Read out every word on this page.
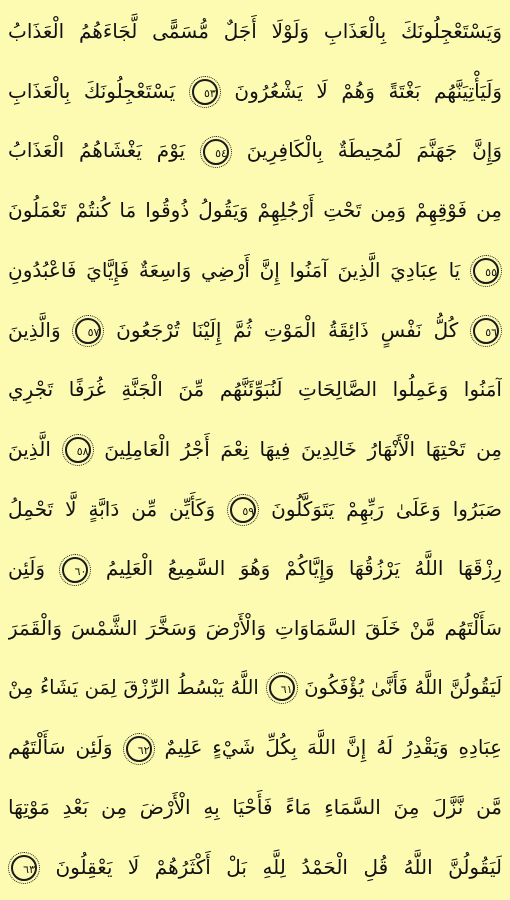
وَيَسْتَعْجِلُونَكَ بِالْعَذَابِ وَلَوْلَا أَجَلٌ مُّسَمًّى لَّجَاءَهُمُ الْعَذَابُ
وَلَيَأْتِيَنَّهُم بَغْتَةً وَهُمْ لَا يَشْعُرُونَ ٥٣ يَسْتَعْجِلُونَكَ بِالْعَذَابِ
وَإِنَّ جَهَنَّمَ لَمُحِيطَةٌ بِالْكَافِرِينَ ٥٤ يَوْمَ يَغْشَاهُمُ الْعَذَابُ
مِن فَوْقِهِمْ وَمِن تَحْتِ أَرْجُلِهِمْ وَيَقُولُ ذُوقُوا مَا كُنتُمْ تَعْمَلُونَ
٥٥ يَا عِبَادِيَ الَّذِينَ آمَنُوا إِنَّ أَرْضِي وَاسِعَةٌ فَإِيَّايَ فَاعْبُدُونِ
٥٦ كُلُّ نَفْسٍ ذَائِقَةُ الْمَوْتِ ثُمَّ إِلَيْنَا تُرْجَعُونَ ٥٧ وَالَّذِينَ
آمَنُوا وَعَمِلُوا الصَّالِحَاتِ لَنُبَوِّئَنَّهُم مِّنَ الْجَنَّةِ غُرَفًا تَجْرِي
مِن تَحْتِهَا الْأَنْهَارُ خَالِدِينَ فِيهَا نِعْمَ أَجْرُ الْعَامِلِينَ ٥٨ الَّذِينَ
صَبَرُوا وَعَلَىٰ رَبِّهِمْ يَتَوَكَّلُونَ ٥٩ وَكَأَيِّن مِّن دَابَّةٍ لَّا تَحْمِلُ
رِزْقَهَا اللَّهُ يَرْزُقُهَا وَإِيَّاكُمْ وَهُوَ السَّمِيعُ الْعَلِيمُ ٦٠ وَلَئِن
سَأَلْتَهُم مَّنْ خَلَقَ السَّمَاوَاتِ وَالْأَرْضَ وَسَخَّرَ الشَّمْسَ وَالْقَمَرَ
لَيَقُولُنَّ اللَّهُ فَأَنَّىٰ يُؤْفَكُونَ ٦١ اللَّهُ يَبْسُطُ الرِّزْقَ لِمَن يَشَاءُ مِنْ
عِبَادِهِ وَيَقْدِرُ لَهُ إِنَّ اللَّهَ بِكُلِّ شَيْءٍ عَلِيمٌ ٦٢ وَلَئِن سَأَلْتَهُم
مَّن نَّزَّلَ مِنَ السَّمَاءِ مَاءً فَأَحْيَا بِهِ الْأَرْضَ مِن بَعْدِ مَوْتِهَا
لَيَقُولُنَّ اللَّهُ قُلِ الْحَمْدُ لِلَّهِ بَلْ أَكْثَرُهُمْ لَا يَعْقِلُونَ ٦٣
